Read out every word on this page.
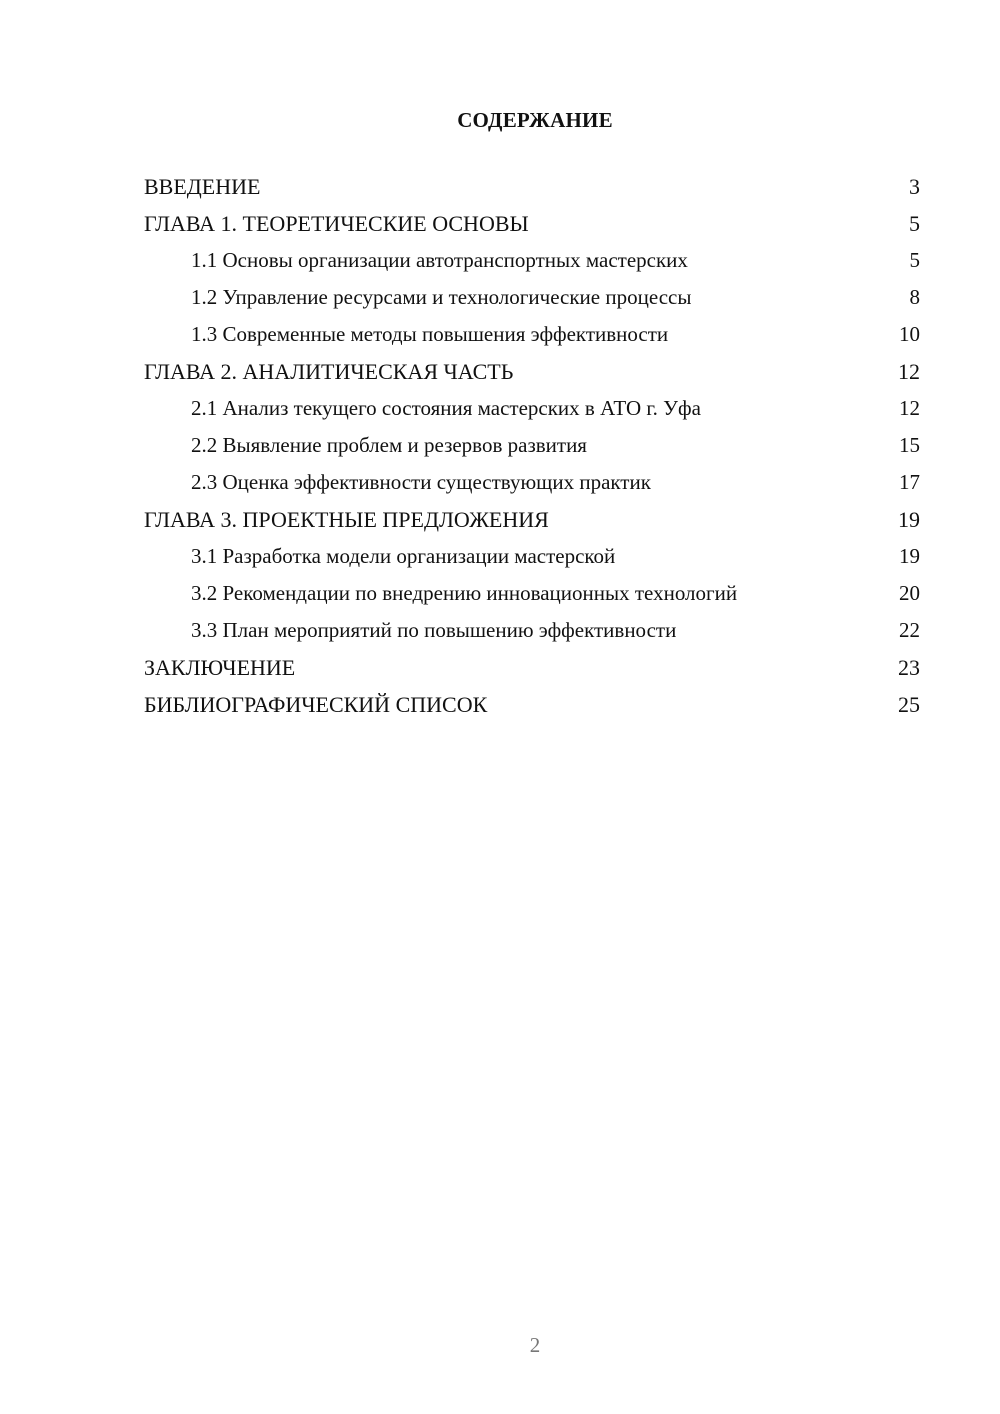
СОДЕРЖАНИЕ
ВВЕДЕНИЕ	3
ГЛАВА 1. ТЕОРЕТИЧЕСКИЕ ОСНОВЫ	5
1.1 Основы организации автотранспортных мастерских	5
1.2 Управление ресурсами и технологические процессы	8
1.3 Современные методы повышения эффективности	10
ГЛАВА 2. АНАЛИТИЧЕСКАЯ ЧАСТЬ	12
2.1 Анализ текущего состояния мастерских в АТО г. Уфа	12
2.2 Выявление проблем и резервов развития	15
2.3 Оценка эффективности существующих практик	17
ГЛАВА 3. ПРОЕКТНЫЕ ПРЕДЛОЖЕНИЯ	19
3.1 Разработка модели организации мастерской	19
3.2 Рекомендации по внедрению инновационных технологий	20
3.3 План мероприятий по повышению эффективности	22
ЗАКЛЮЧЕНИЕ	23
БИБЛИОГРАФИЧЕСКИЙ СПИСОК	25
2
